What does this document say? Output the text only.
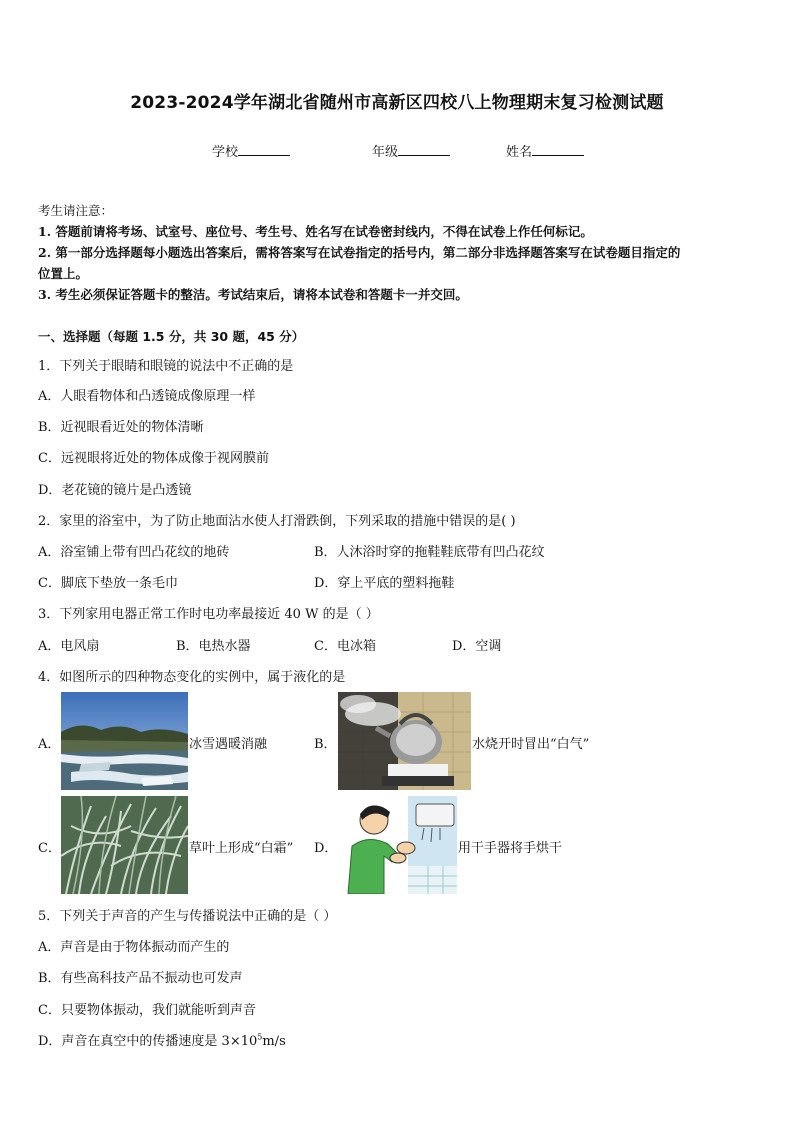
2023-2024学年湖北省随州市高新区四校八上物理期末复习检测试题
学校	年级	姓名
考生请注意：
1. 答题前请将考场、试室号、座位号、考生号、姓名写在试卷密封线内，不得在试卷上作任何标记。
2. 第一部分选择题每小题选出答案后，需将答案写在试卷指定的括号内，第二部分非选择题答案写在试卷题目指定的
位置上。
3. 考生必须保证答题卡的整洁。考试结束后，请将本试卷和答题卡一并交回。
一、选择题（每题 1.5 分，共 30 题，45 分）
1．下列关于眼睛和眼镜的说法中不正确的是
A．人眼看物体和凸透镜成像原理一样
B．近视眼看近处的物体清晰
C．远视眼将近处的物体成像于视网膜前
D．老花镜的镜片是凸透镜
2．家里的浴室中，为了防止地面沾水使人打滑跌倒，下列采取的措施中错误的是( )
A．浴室铺上带有凹凸花纹的地砖	B．人沐浴时穿的拖鞋鞋底带有凹凸花纹
C．脚底下垫放一条毛巾	D．穿上平底的塑料拖鞋
3．下列家用电器正常工作时电功率最接近 40 W 的是（ ）
A．电风扇	B．电热水器	C．电冰箱	D．空调
4．如图所示的四种物态变化的实例中，属于液化的是
A．	冰雪遇暖消融	B．	水烧开时冒出“白气”
C．	草叶上形成“白霜” D．	用干手器将手烘干
5．下列关于声音的产生与传播说法中正确的是（ ）
A．声音是由于物体振动而产生的
B．有些高科技产品不振动也可发声
C．只要物体振动，我们就能听到声音
D．声音在真空中的传播速度是 $3\times 10^5m/s$
